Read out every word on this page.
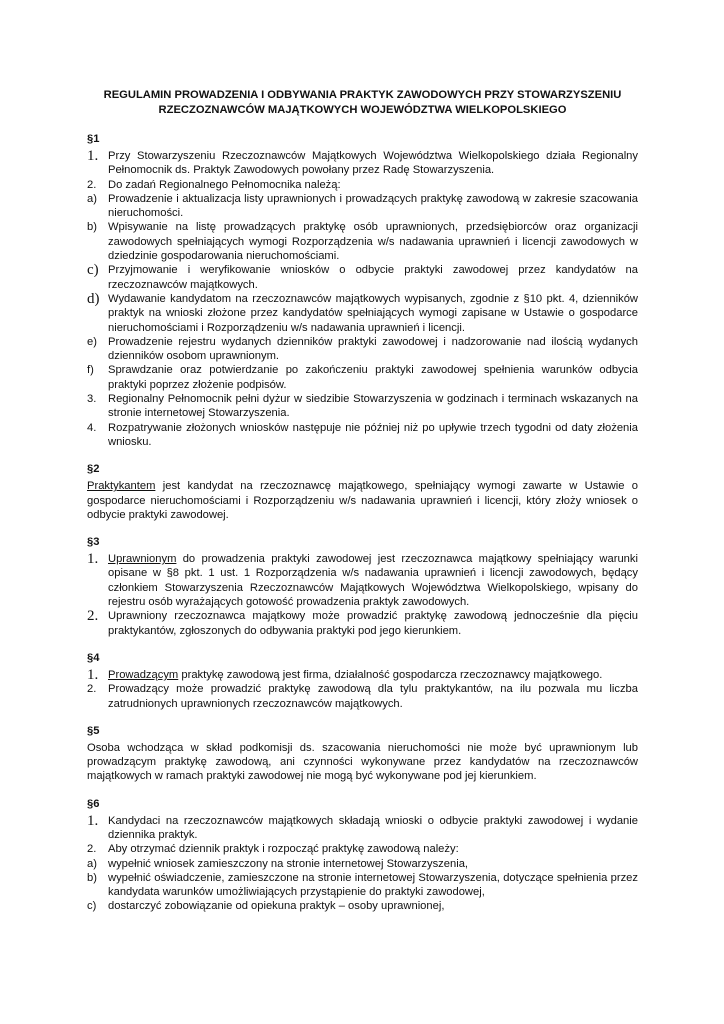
REGULAMIN PROWADZENIA I ODBYWANIA PRAKTYK ZAWODOWYCH PRZY STOWARZYSZENIU
RZECZOZNAWCÓW MAJĄTKOWYCH WOJEWÓDZTWA WIELKOPOLSKIEGO
§1
1. Przy Stowarzyszeniu Rzeczoznawców Majątkowych Województwa Wielkopolskiego działa Regionalny Pełnomocnik ds. Praktyk Zawodowych powołany przez Radę Stowarzyszenia.
2.	Do zadań Regionalnego Pełnomocnika należą:
a) Prowadzenie i aktualizacja listy uprawnionych i prowadzących praktykę zawodową w zakresie szacowania nieruchomości.
b) Wpisywanie na listę prowadzących praktykę osób uprawnionych, przedsiębiorców oraz organizacji zawodowych spełniających wymogi Rozporządzenia w/s nadawania uprawnień i licencji zawodowych w dziedzinie gospodarowania nieruchomościami.
c) Przyjmowanie i weryfikowanie wniosków o odbycie praktyki zawodowej przez kandydatów na rzeczoznawców majątkowych.
d) Wydawanie kandydatom na rzeczoznawców majątkowych wypisanych, zgodnie z §10 pkt. 4, dzienników praktyk na wnioski złożone przez kandydatów spełniających wymogi zapisane w Ustawie o gospodarce nieruchomościami i Rozporządzeniu w/s nadawania uprawnień i licencji.
e) Prowadzenie rejestru wydanych dzienników praktyki zawodowej i nadzorowanie nad ilością wydanych dzienników osobom uprawnionym.
f)	Sprawdzanie oraz potwierdzanie po zakończeniu praktyki zawodowej spełnienia warunków odbycia praktyki poprzez złożenie podpisów.
3.	Regionalny Pełnomocnik pełni dyżur w siedzibie Stowarzyszenia w godzinach i terminach wskazanych na stronie internetowej Stowarzyszenia.
4.	Rozpatrywanie złożonych wniosków następuje nie później niż po upływie trzech tygodni od daty złożenia wniosku.
§2
Praktykantem jest kandydat na rzeczoznawcę majątkowego, spełniający wymogi zawarte w Ustawie o gospodarce nieruchomościami i Rozporządzeniu w/s nadawania uprawnień i licencji, który złoży wniosek o odbycie praktyki zawodowej.
§3
1. Uprawnionym do prowadzenia praktyki zawodowej jest rzeczoznawca majątkowy spełniający warunki opisane w §8 pkt. 1 ust. 1 Rozporządzenia w/s nadawania uprawnień i licencji zawodowych, będący członkiem Stowarzyszenia Rzeczoznawców Majątkowych Województwa Wielkopolskiego, wpisany do rejestru osób wyrażających gotowość prowadzenia praktyk zawodowych.
2. Uprawniony rzeczoznawca majątkowy może prowadzić praktykę zawodową jednocześnie dla pięciu praktykantów, zgłoszonych do odbywania praktyki pod jego kierunkiem.
§4
1. Prowadzącym praktykę zawodową jest firma, działalność gospodarcza rzeczoznawcy majątkowego.
2.	Prowadzący może prowadzić praktykę zawodową dla tylu praktykantów, na ilu pozwala mu liczba zatrudnionych uprawnionych rzeczoznawców majątkowych.
§5
Osoba wchodząca w skład podkomisji ds. szacowania nieruchomości nie może być uprawnionym lub prowadzącym praktykę zawodową, ani czynności wykonywane przez kandydatów na rzeczoznawców majątkowych w ramach praktyki zawodowej nie mogą być wykonywane pod jej kierunkiem.
§6
1. Kandydaci na rzeczoznawców majątkowych składają wnioski o odbycie praktyki zawodowej i wydanie dziennika praktyk.
2.	Aby otrzymać dziennik praktyk i rozpocząć praktykę zawodową należy:
a) wypełnić wniosek zamieszczony na stronie internetowej Stowarzyszenia,
b) wypełnić oświadczenie, zamieszczone na stronie internetowej Stowarzyszenia, dotyczące spełnienia przez kandydata warunków umożliwiających przystąpienie do praktyki zawodowej,
c)	dostarczyć zobowiązanie od opiekuna praktyk – osoby uprawnionej,
